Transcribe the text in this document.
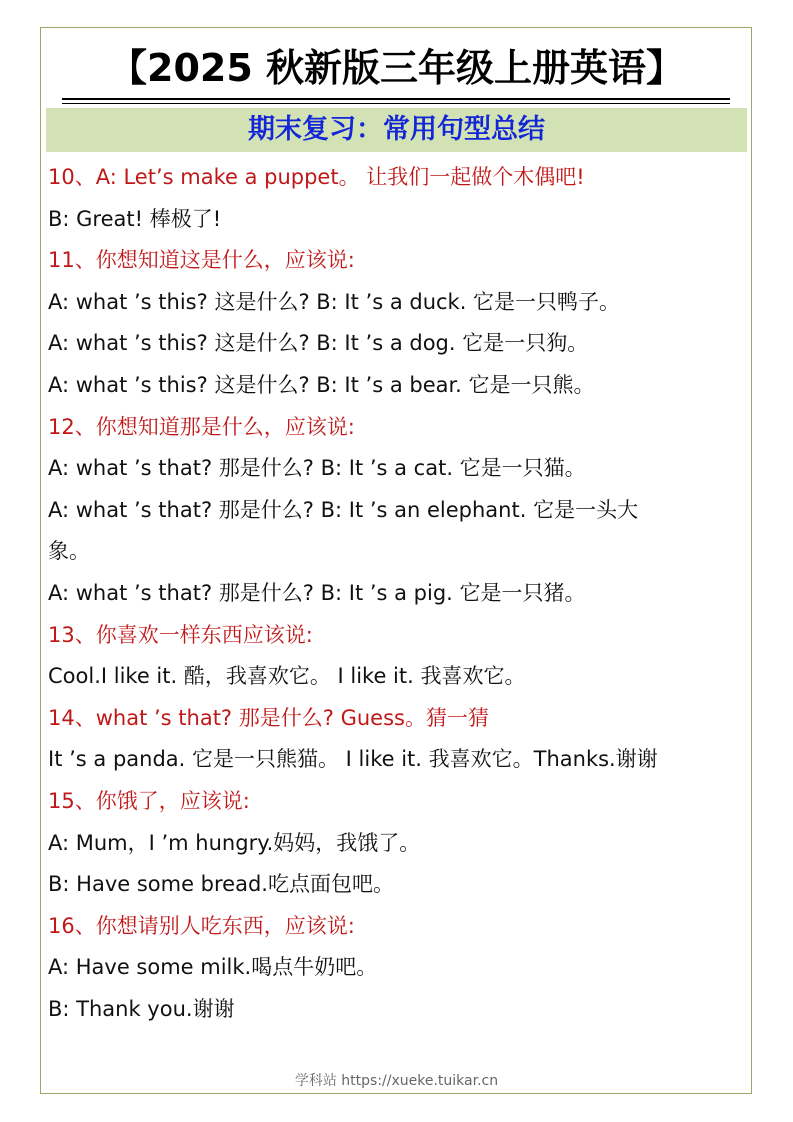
【2025 秋新版三年级上册英语】
期末复习：常用句型总结
10、A: Let’s make a puppet。 让我们一起做个木偶吧!
B: Great! 棒极了!
11、你想知道这是什么，应该说:
A: what ’s this? 这是什么? B: It ’s a duck. 它是一只鸭子。
A: what ’s this? 这是什么? B: It ’s a dog. 它是一只狗。
A: what ’s this? 这是什么? B: It ’s a bear. 它是一只熊。
12、你想知道那是什么，应该说:
A: what ’s that? 那是什么? B: It ’s a cat. 它是一只猫。
A: what ’s that? 那是什么? B: It ’s an elephant. 它是一头大
象。
A: what ’s that? 那是什么? B: It ’s a pig. 它是一只猪。
13、你喜欢一样东西应该说:
Cool.I like it. 酷，我喜欢它。 I like it. 我喜欢它。
14、what ’s that? 那是什么? Guess。猜一猜
It ’s a panda. 它是一只熊猫。 I like it. 我喜欢它。Thanks.谢谢
15、你饿了，应该说:
A: Mum，I ’m hungry.妈妈，我饿了。
B: Have some bread.吃点面包吧。
16、你想请别人吃东西，应该说:
A: Have some milk.喝点牛奶吧。
B: Thank you.谢谢
学科站 https://xueke.tuikar.cn
